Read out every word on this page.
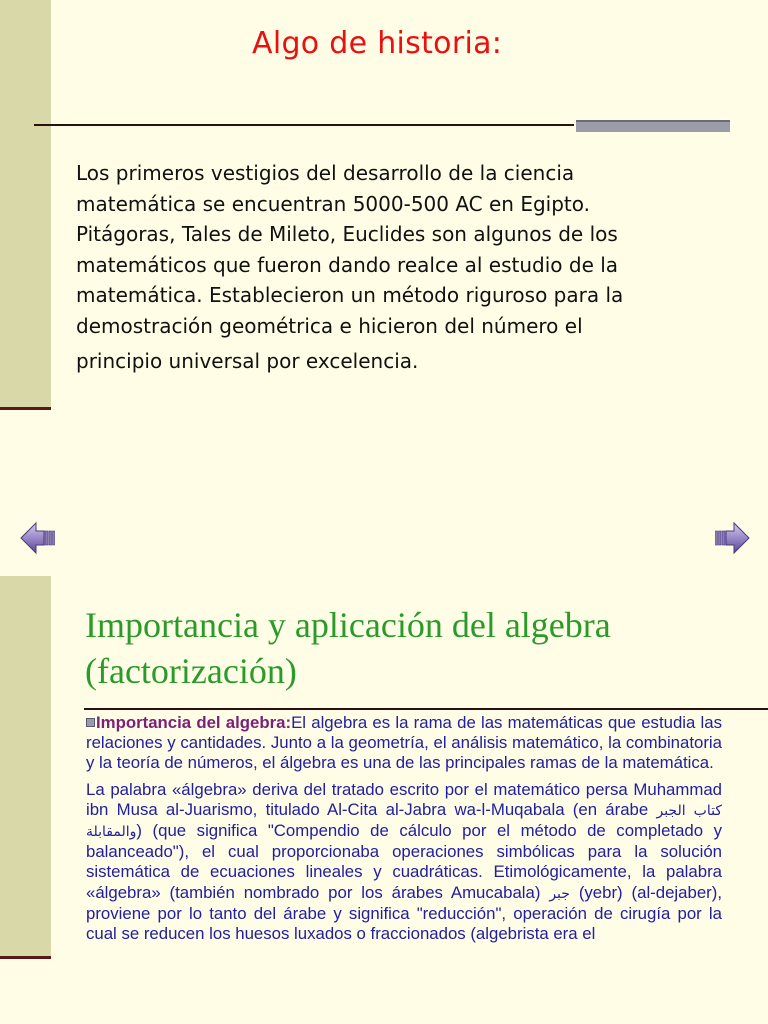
Algo de historia:

Los primeros vestigios del desarrollo de la ciencia
matemática se encuentran 5000-500 AC en Egipto.
Pitágoras, Tales de Mileto, Euclides son algunos de los
matemáticos que fueron dando realce al estudio de la
matemática. Establecieron un método riguroso para la
demostración geométrica e hicieron del número el
principio universal por excelencia.

Importancia y aplicación del algebra
(factorización)

Importancia del algebra:El algebra es la rama de las matemáticas que estudia las relaciones y cantidades. Junto a la geometría, el análisis matemático, la combinatoria y la teoría de números, el álgebra es una de las principales ramas de la matemática.

La palabra «álgebra» deriva del tratado escrito por el matemático persa Muhammad ibn Musa al-Juarismo, titulado Al-Cita al-Jabra wa-l-Muqabala (en árabe كتاب الجبر والمقابلة) (que significa "Compendio de cálculo por el método de completado y balanceado"), el cual proporcionaba operaciones simbólicas para la solución sistemática de ecuaciones lineales y cuadráticas. Etimológicamente, la palabra «álgebra» (también nombrado por los árabes Amucabala) جبر (yebr) (al-dejaber), proviene por lo tanto del árabe y significa "reducción", operación de cirugía por la cual se reducen los huesos luxados o fraccionados (algebrista era el
